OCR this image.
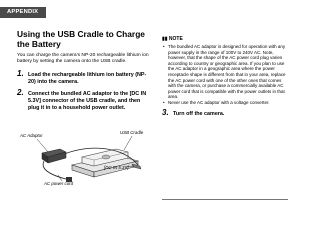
APPENDIX
Using the USB Cradle to Charge the Battery
You can charge the camera’s NP-20 rechargeable lithium ion battery by setting the camera onto the USB cradle.
1. Load the rechargeable lithium ion battery (NP-20) into the camera.
2. Connect the bundled AC adaptor to the [DC IN 5.3V] connector of the USB cradle, and then plug it in to a household power outlet.
USB Cradle
AC Adaptor
[DC IN 5.3V]
AC power cord
▮▮ NOTE
• The bundled AC adaptor is designed for operation with any power supply in the range of 100V to 240V AC. Note, however, that the shape of the AC power cord plug varies according to country or geographic area. If you plan to use the AC adaptor in a geographic area where the power receptacle shape is different from that in your area, replace the AC power cord with one of the other ones that comes with the camera, or purchase a commercially available AC power cord that is compatible with the power outlets in that area.
• Never use the AC adaptor with a voltage converter.
3. Turn off the camera.
